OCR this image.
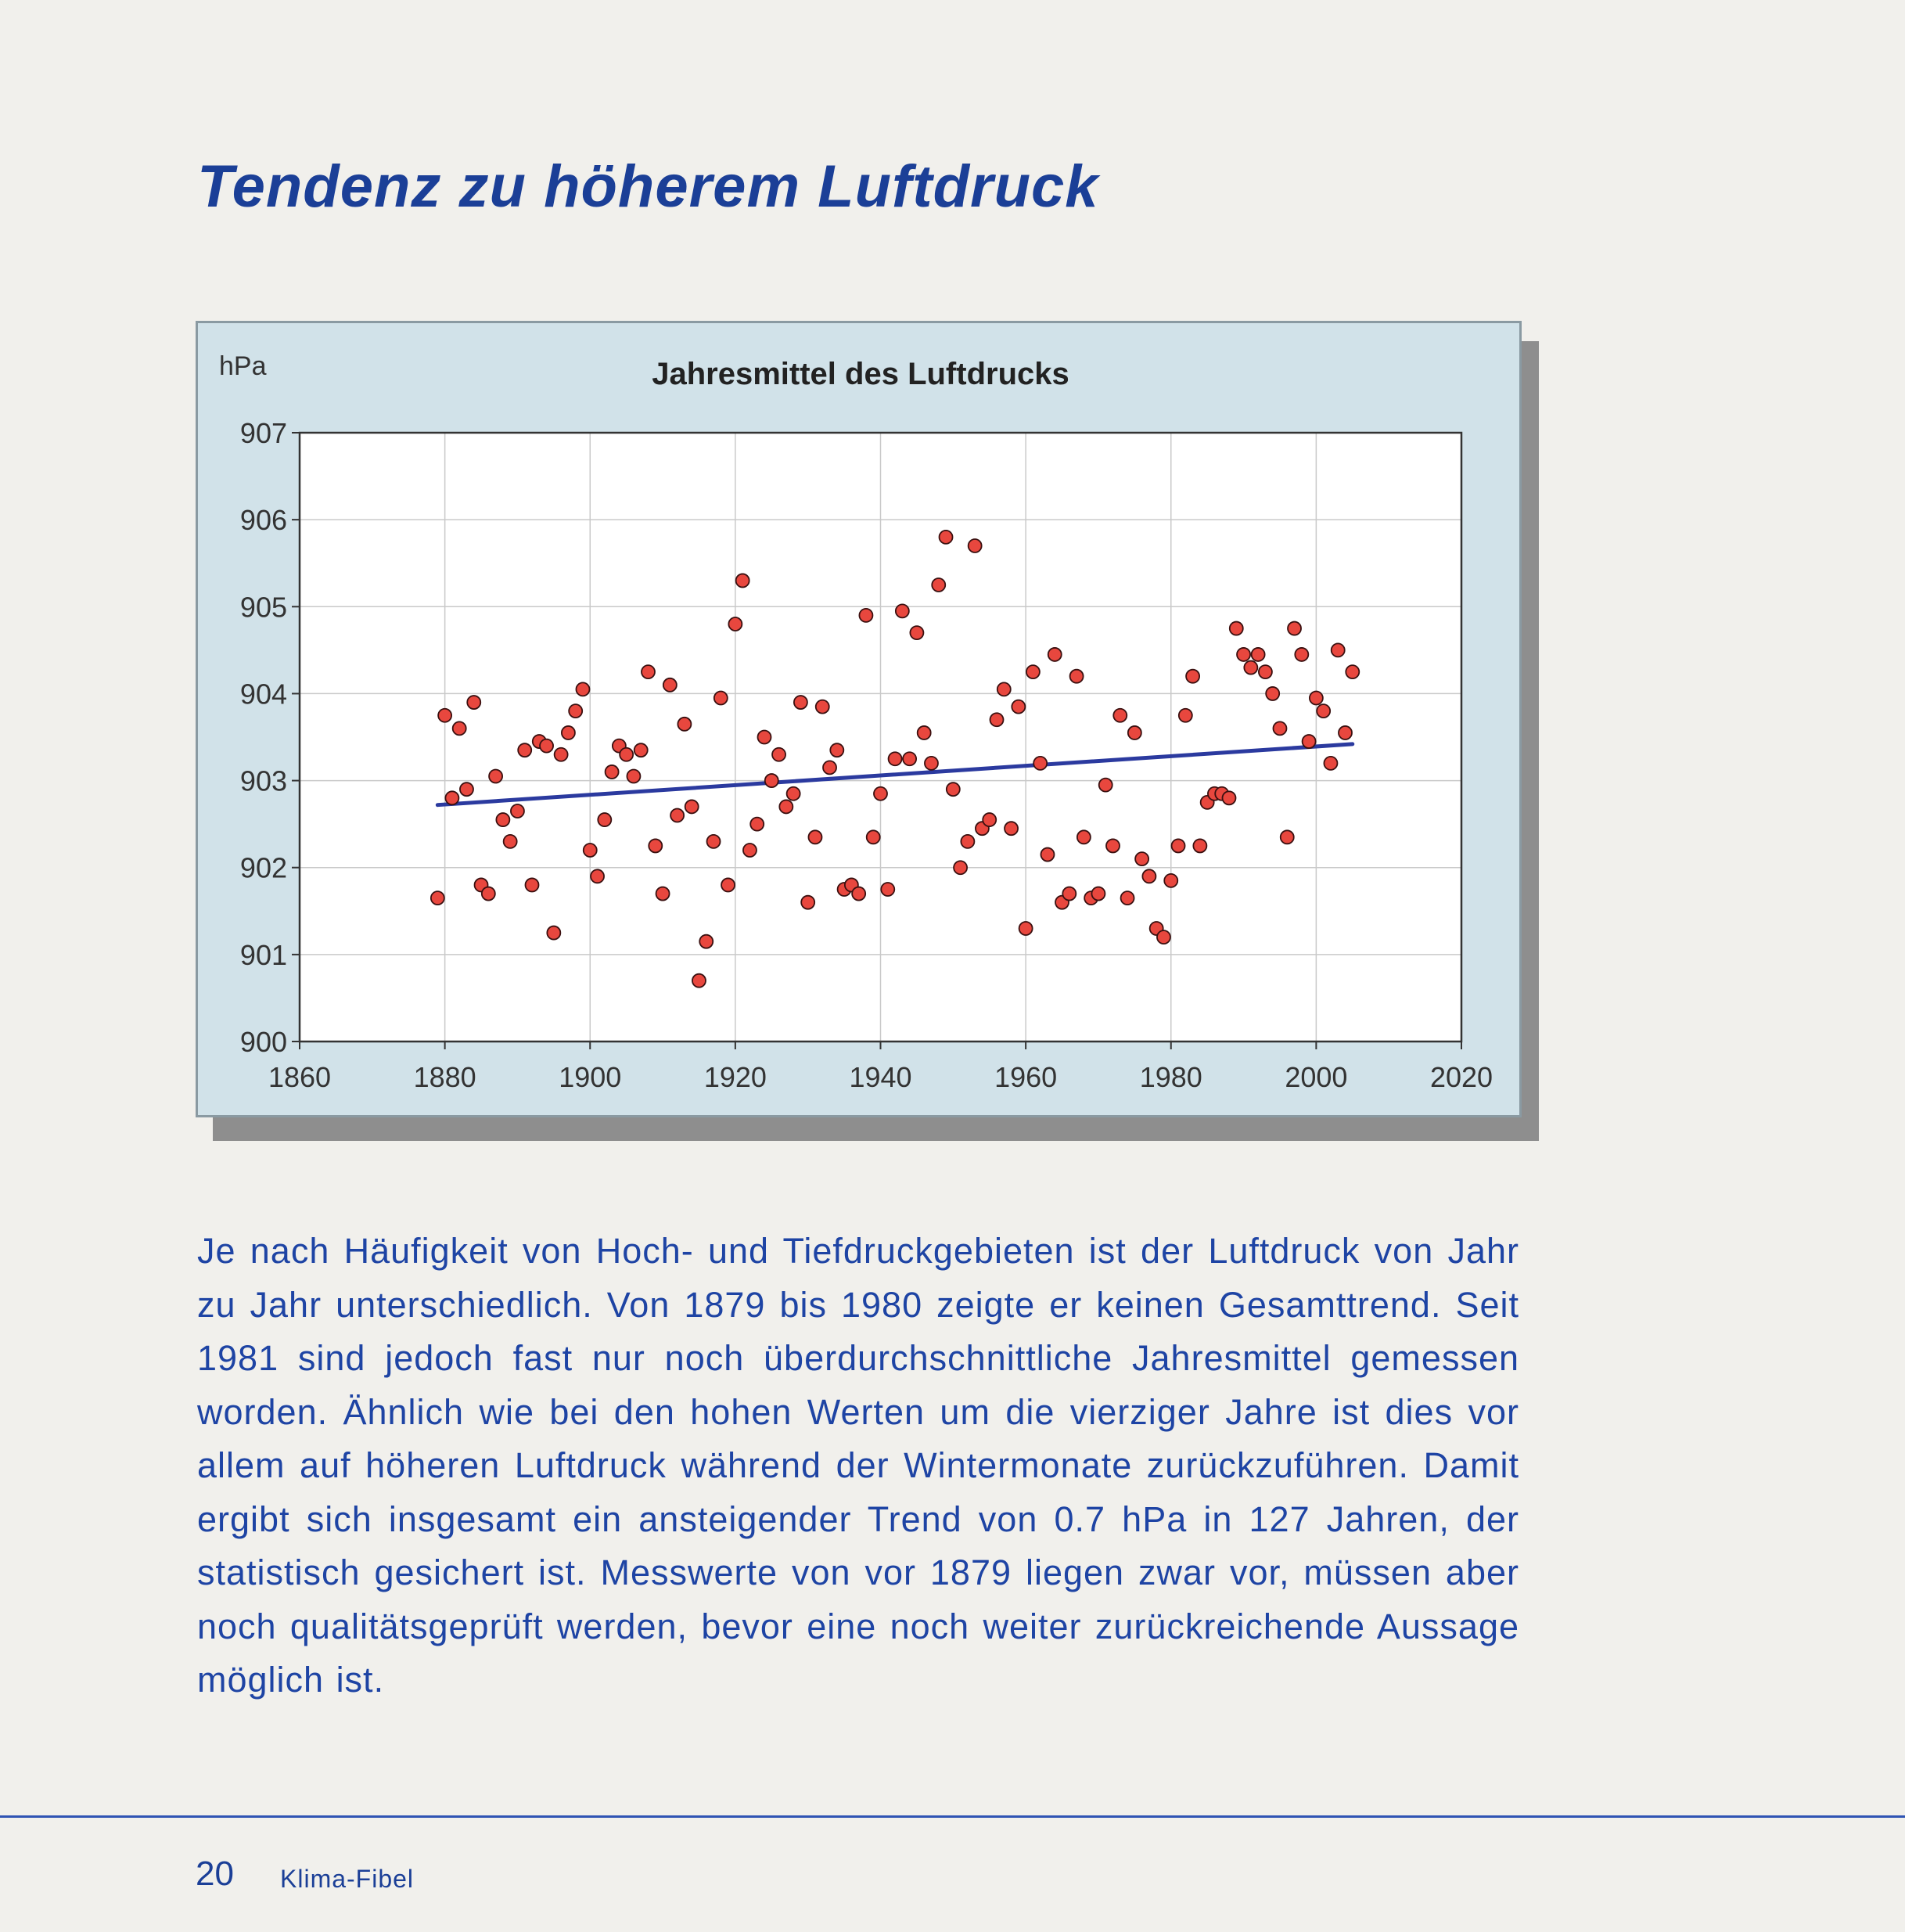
Tendenz zu höherem Luftdruck
Jahresmittel des Luftdrucks
hPa
900
901
902
903
904
905
906
907
1860	1880	1900	1920	1940	1960	1980	2000	2020
Je nach Häufigkeit von Hoch- und Tiefdruckgebieten ist der Luftdruck von Jahr zu Jahr unterschiedlich. Von 1879 bis 1980 zeigte er keinen Gesamttrend. Seit 1981 sind jedoch fast nur noch überdurchschnittliche Jahresmittel gemessen worden. Ähnlich wie bei den hohen Werten um die vierziger Jahre ist dies vor allem auf höheren Luftdruck während der Wintermonate zurückzuführen. Damit ergibt sich insgesamt ein ansteigender Trend von 0.7 hPa in 127 Jahren, der statistisch gesichert ist. Messwerte von vor 1879 liegen zwar vor, müssen aber noch qualitätsgeprüft werden, bevor eine noch weiter zurückreichende Aussage möglich ist.
20 Klima-Fibel
